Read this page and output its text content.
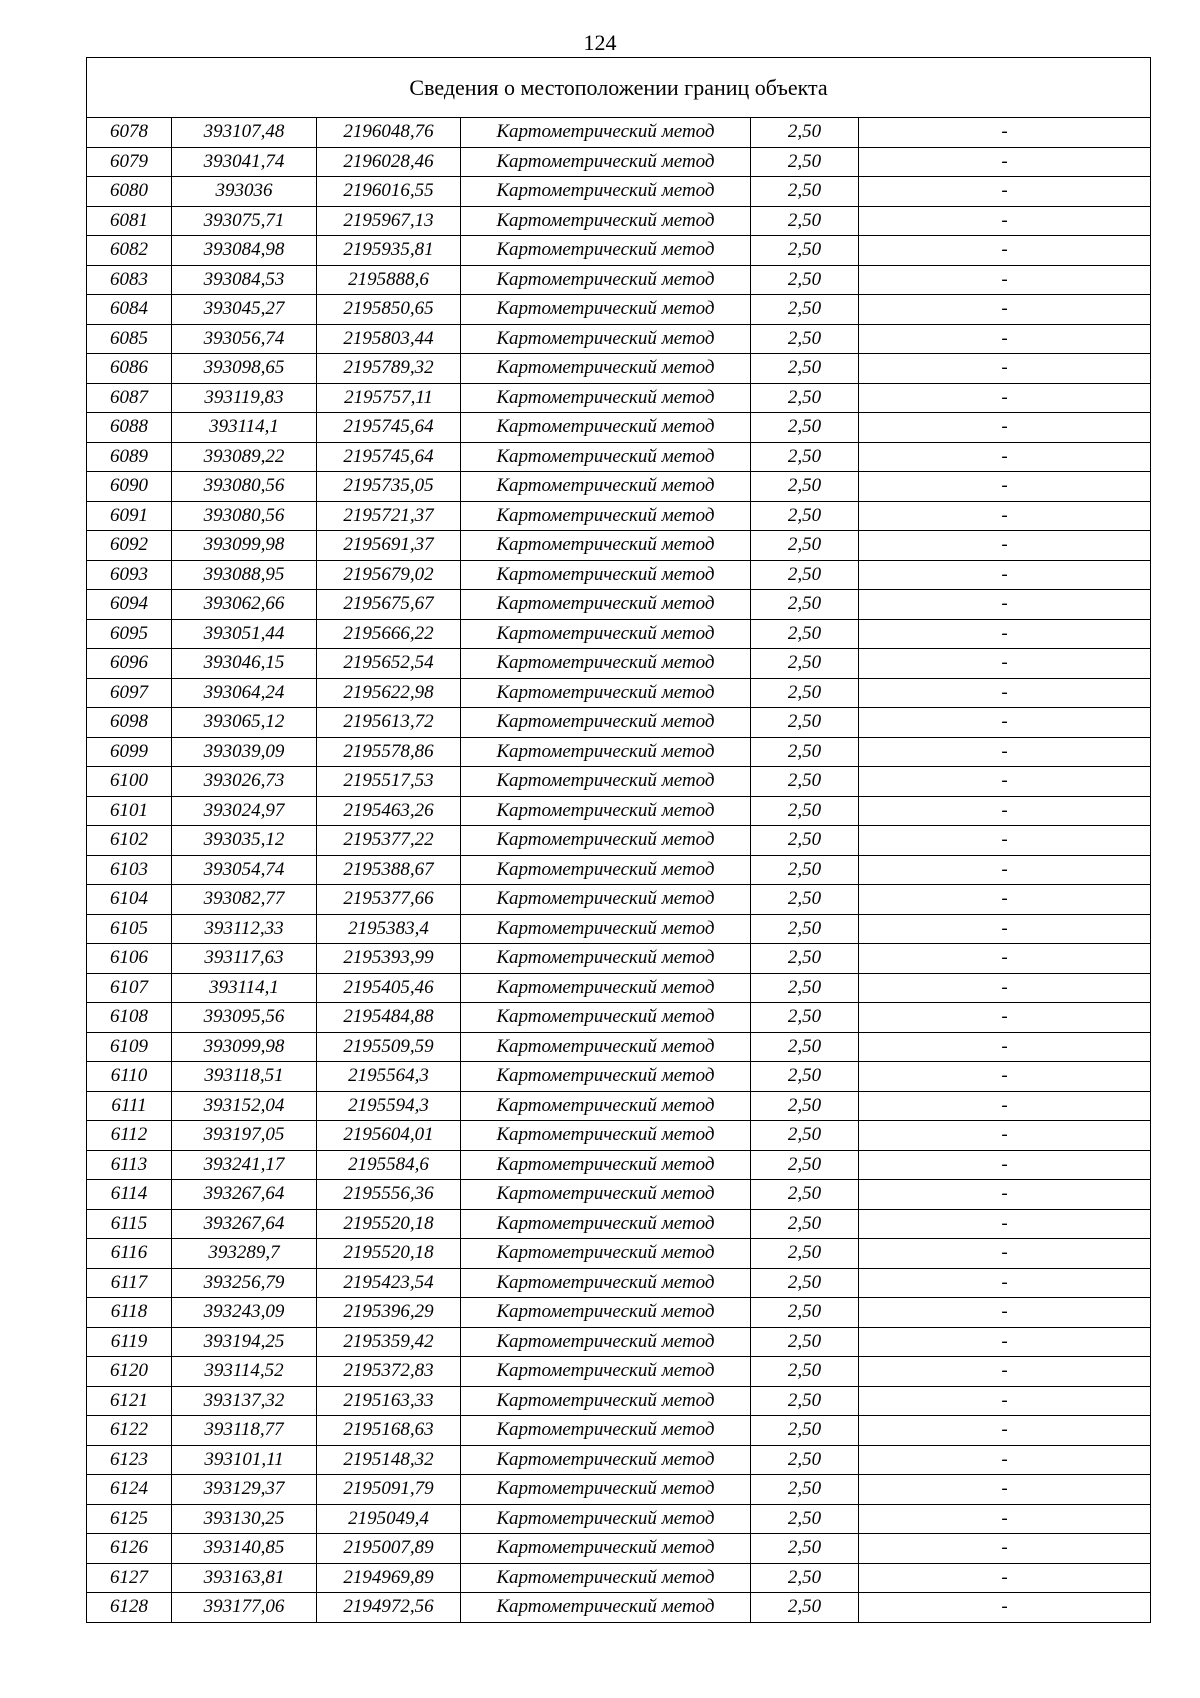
124
Сведения о местоположении границ объекта					
6078	393107,48	2196048,76	Картометрический метод	2,50	-
6079	393041,74	2196028,46	Картометрический метод	2,50	-
6080	393036	2196016,55	Картометрический метод	2,50	-
6081	393075,71	2195967,13	Картометрический метод	2,50	-
6082	393084,98	2195935,81	Картометрический метод	2,50	-
6083	393084,53	2195888,6	Картометрический метод	2,50	-
6084	393045,27	2195850,65	Картометрический метод	2,50	-
6085	393056,74	2195803,44	Картометрический метод	2,50	-
6086	393098,65	2195789,32	Картометрический метод	2,50	-
6087	393119,83	2195757,11	Картометрический метод	2,50	-
6088	393114,1	2195745,64	Картометрический метод	2,50	-
6089	393089,22	2195745,64	Картометрический метод	2,50	-
6090	393080,56	2195735,05	Картометрический метод	2,50	-
6091	393080,56	2195721,37	Картометрический метод	2,50	-
6092	393099,98	2195691,37	Картометрический метод	2,50	-
6093	393088,95	2195679,02	Картометрический метод	2,50	-
6094	393062,66	2195675,67	Картометрический метод	2,50	-
6095	393051,44	2195666,22	Картометрический метод	2,50	-
6096	393046,15	2195652,54	Картометрический метод	2,50	-
6097	393064,24	2195622,98	Картометрический метод	2,50	-
6098	393065,12	2195613,72	Картометрический метод	2,50	-
6099	393039,09	2195578,86	Картометрический метод	2,50	-
6100	393026,73	2195517,53	Картометрический метод	2,50	-
6101	393024,97	2195463,26	Картометрический метод	2,50	-
6102	393035,12	2195377,22	Картометрический метод	2,50	-
6103	393054,74	2195388,67	Картометрический метод	2,50	-
6104	393082,77	2195377,66	Картометрический метод	2,50	-
6105	393112,33	2195383,4	Картометрический метод	2,50	-
6106	393117,63	2195393,99	Картометрический метод	2,50	-
6107	393114,1	2195405,46	Картометрический метод	2,50	-
6108	393095,56	2195484,88	Картометрический метод	2,50	-
6109	393099,98	2195509,59	Картометрический метод	2,50	-
6110	393118,51	2195564,3	Картометрический метод	2,50	-
6111	393152,04	2195594,3	Картометрический метод	2,50	-
6112	393197,05	2195604,01	Картометрический метод	2,50	-
6113	393241,17	2195584,6	Картометрический метод	2,50	-
6114	393267,64	2195556,36	Картометрический метод	2,50	-
6115	393267,64	2195520,18	Картометрический метод	2,50	-
6116	393289,7	2195520,18	Картометрический метод	2,50	-
6117	393256,79	2195423,54	Картометрический метод	2,50	-
6118	393243,09	2195396,29	Картометрический метод	2,50	-
6119	393194,25	2195359,42	Картометрический метод	2,50	-
6120	393114,52	2195372,83	Картометрический метод	2,50	-
6121	393137,32	2195163,33	Картометрический метод	2,50	-
6122	393118,77	2195168,63	Картометрический метод	2,50	-
6123	393101,11	2195148,32	Картометрический метод	2,50	-
6124	393129,37	2195091,79	Картометрический метод	2,50	-
6125	393130,25	2195049,4	Картометрический метод	2,50	-
6126	393140,85	2195007,89	Картометрический метод	2,50	-
6127	393163,81	2194969,89	Картометрический метод	2,50	-
6128	393177,06	2194972,56	Картометрический метод	2,50	-
